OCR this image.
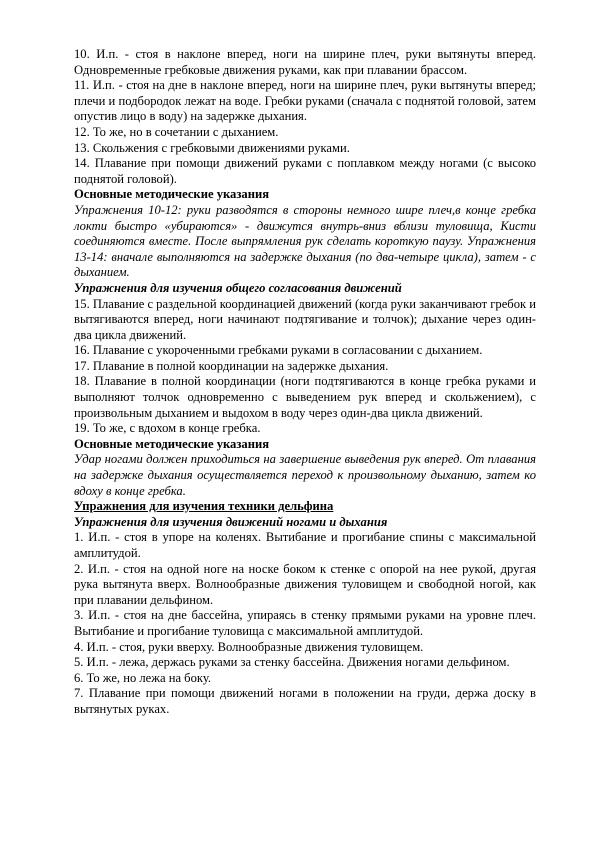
10. И.п. - стоя в наклоне вперед, ноги на ширине плеч, руки вытянуты вперед. Одновременные гребковые движения руками, как при плавании брассом.

11. И.п. - стоя на дне в наклоне вперед, ноги на ширине плеч, руки вытянуты вперед; плечи и подбородок лежат на воде. Гребки руками (сначала с поднятой головой, затем опустив лицо в воду) на задержке дыхания.

12. То же, но в сочетании с дыханием.

13. Скольжения с гребковыми движениями руками.

14. Плавание при помощи движений руками с поплавком между ногами (с высоко поднятой головой).

Основные методические указания

Упражнения 10-12: руки разводятся в стороны немного шире плеч,в конце гребка локти быстро «убираются» - движутся внутрь-вниз вблизи туловища, Кисти соединяются вместе. После выпрямления рук сделать короткую паузу. Упражнения 13-14: вначале выполняются на задержке дыхания (по два-четыре цикла), затем - с дыханием.

Упражнения для изучения общего согласования движений

15. Плавание с раздельной координацией движений (когда руки заканчивают гребок и вытягиваются вперед, ноги начинают подтягивание и толчок); дыхание через один-два цикла движений.

16. Плавание с укороченными гребками руками в согласовании с дыханием.

17. Плавание в полной координации на задержке дыхания.

18. Плавание в полной координации (ноги подтягиваются в конце гребка руками и выполняют толчок одновременно с выведением рук вперед и скольжением), с произвольным дыханием и выдохом в воду через один-два цикла движений.

19. То же, с вдохом в конце гребка.

Основные методические указания

Удар ногами должен приходиться на завершение выведения рук вперед. От плавания на задержке дыхания осуществляется переход к произвольному дыханию, затем ко вдоху в конце гребка.

Упражнения для изучения техники дельфина

Упражнения для изучения движений ногами и дыхания

1. И.п. - стоя в упоре на коленях. Вытибание и прогибание спины с максимальной амплитудой.

2. И.п. - стоя на одной ноге на носке боком к стенке с опорой на нее рукой, другая рука вытянута вверх. Волнообразные движения туловищем и свободной ногой, как при плавании дельфином.

3. И.п. - стоя на дне бассейна, упираясь в стенку прямыми руками на уровне плеч. Вытибание и прогибание туловища с максимальной амплитудой.

4. И.п. - стоя, руки вверху. Волнообразные движения туловищем.

5. И.п. - лежа, держась руками за стенку бассейна. Движения ногами дельфином.

6. То же, но лежа на боку.

7. Плавание при помощи движений ногами в положении на груди, держа доску в вытянутых руках.
